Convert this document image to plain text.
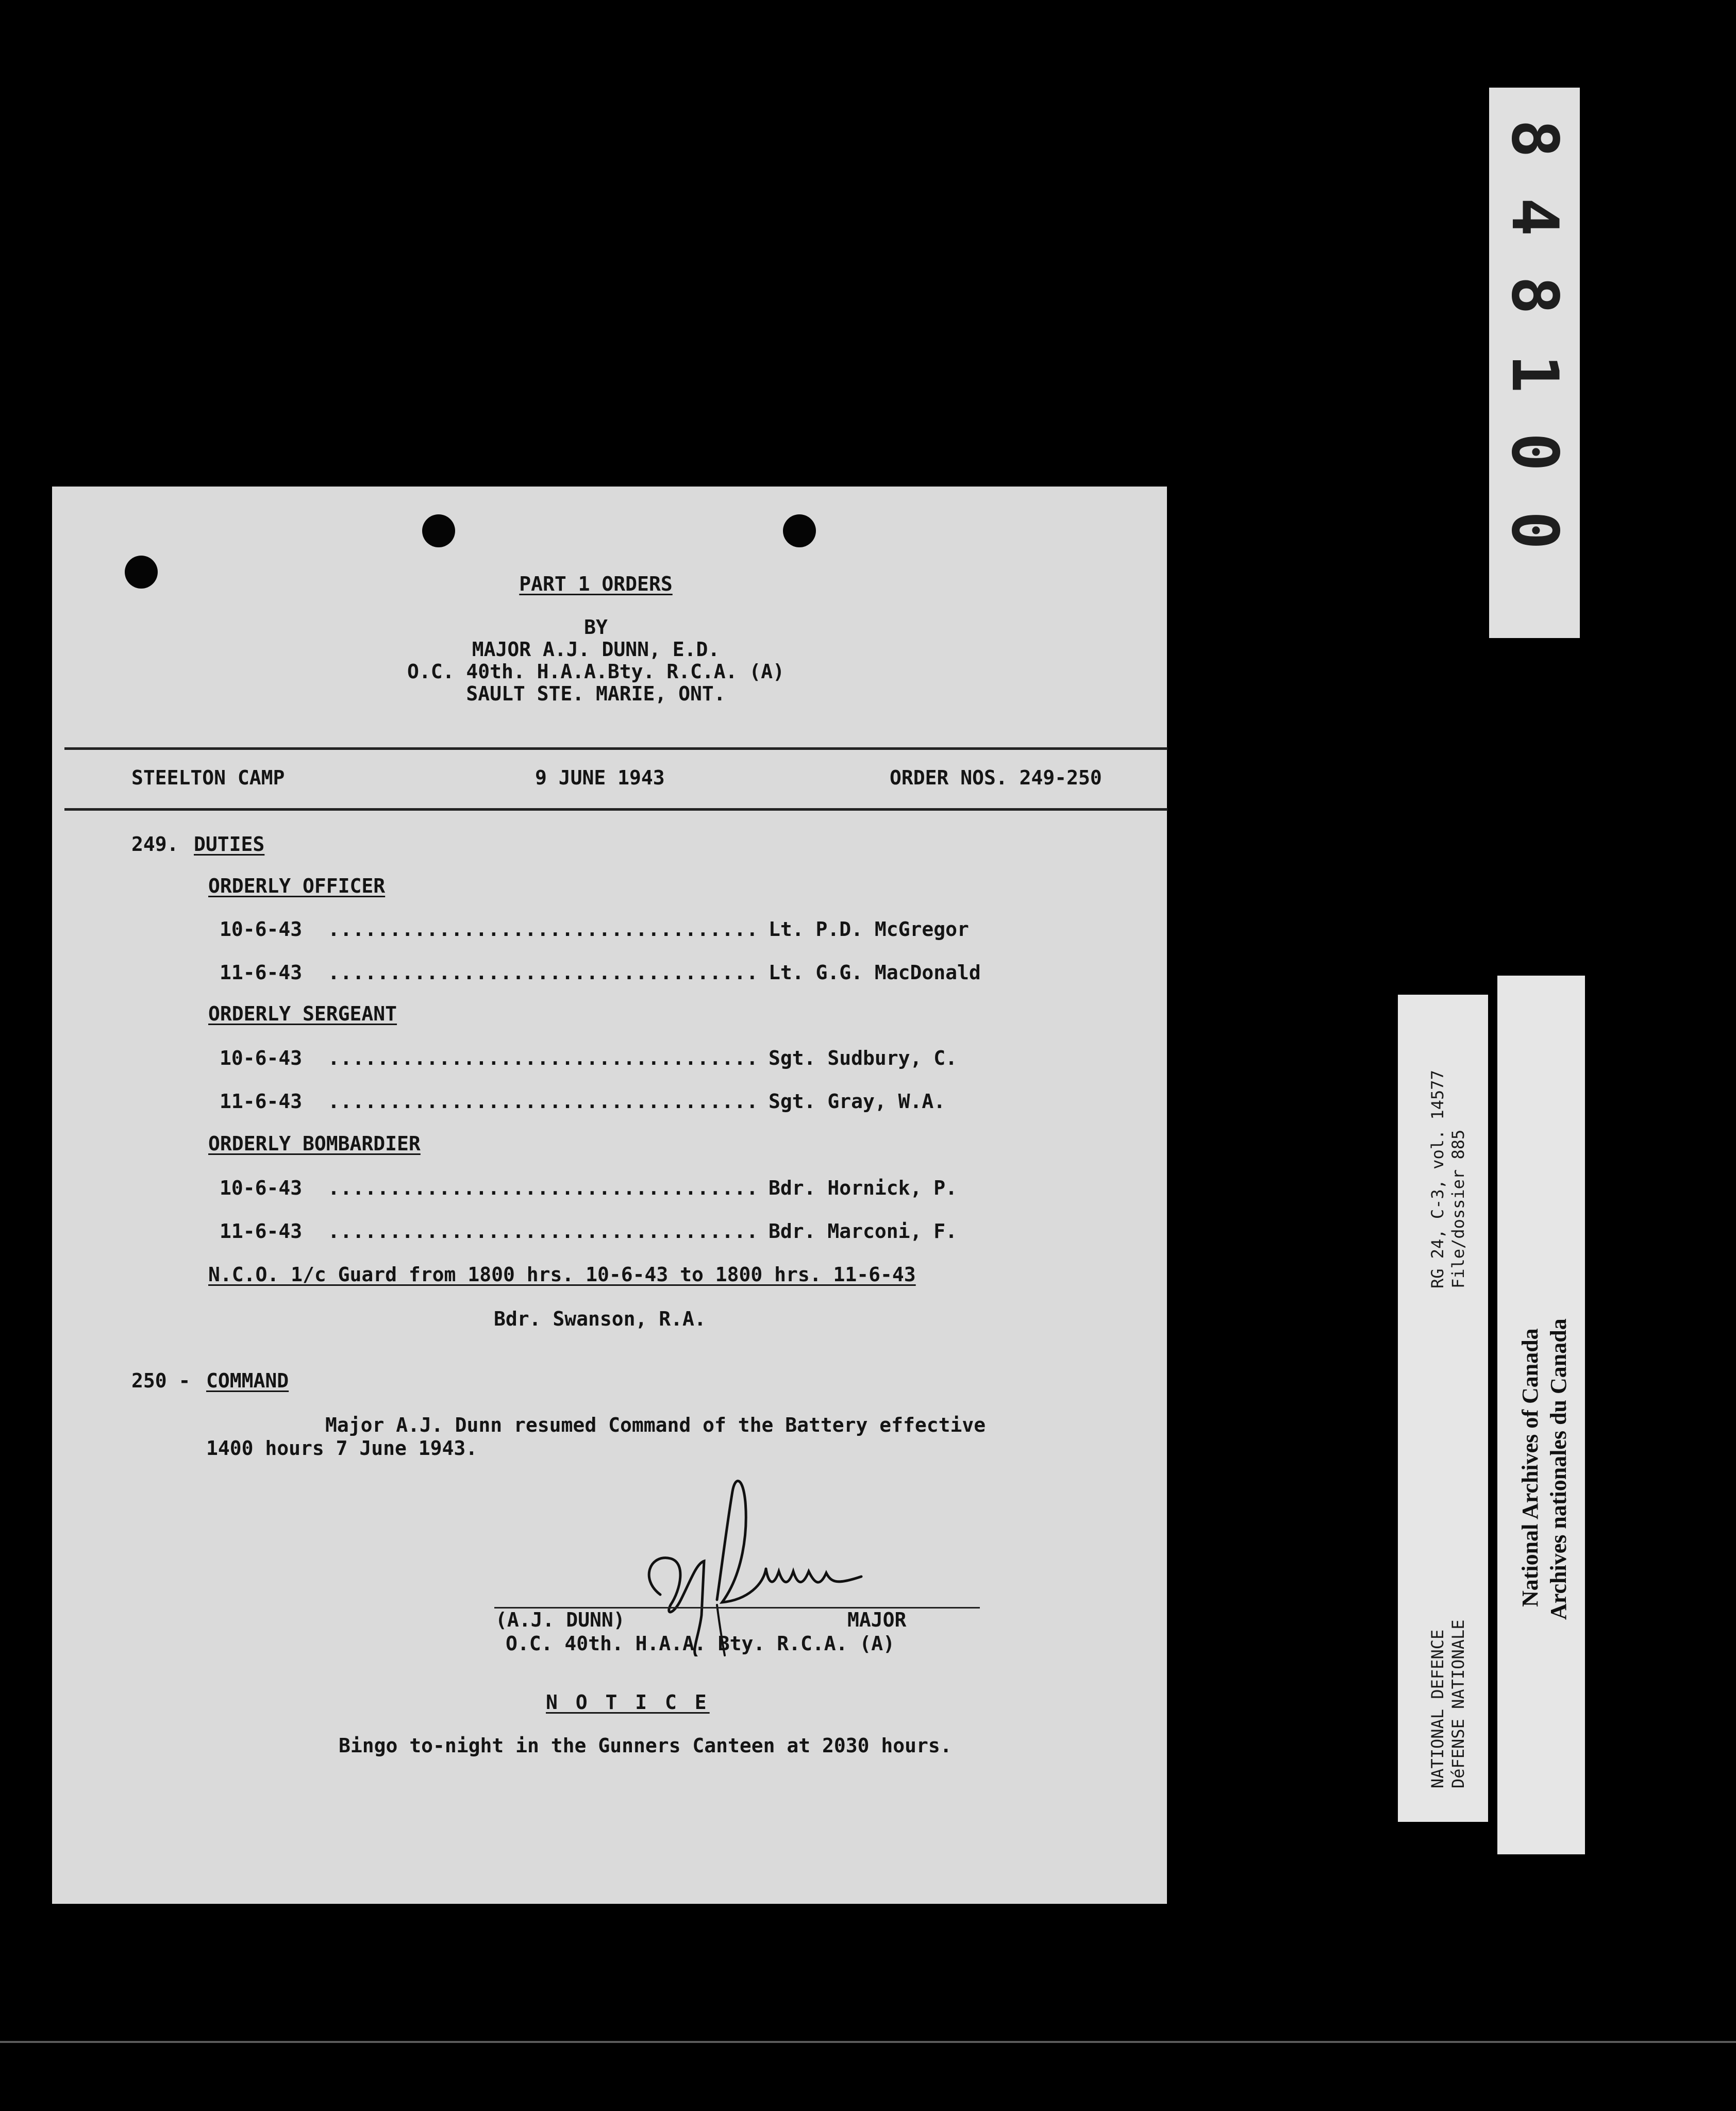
PART 1 ORDERS
BY
MAJOR A.J. DUNN, E.D.
O.C. 40th. H.A.A.Bty. R.C.A. (A)
SAULT STE. MARIE, ONT.
STEELTON CAMP	9 JUNE 1943	ORDER NOS. 249-250
249. DUTIES
ORDERLY OFFICER
10-6-43 ................................... Lt. P.D. McGregor
11-6-43 ................................... Lt. G.G. MacDonald
ORDERLY SERGEANT
10-6-43 ................................... Sgt. Sudbury, C.
11-6-43 ................................... Sgt. Gray, W.A.
ORDERLY BOMBARDIER
10-6-43 ................................... Bdr. Hornick, P.
11-6-43 ................................... Bdr. Marconi, F.
N.C.O. 1/c Guard from 1800 hrs. 10-6-43 to 1800 hrs. 11-6-43
Bdr. Swanson, R.A.
250 - COMMAND
Major A.J. Dunn resumed Command of the Battery effective
1400 hours 7 June 1943.
(A.J. DUNN)	MAJOR
O.C. 40th. H.A.A. Bty. R.C.A. (A)
N O T I C E
Bingo to-night in the Gunners Canteen at 2030 hours.
8
4
8
1
0
0
RG 24, C-3, vol. 14577 File/dossier 885
NATIONAL DEFENCE DéFENSE NATIONALE
National Archives of Canada Archives nationales du Canada
